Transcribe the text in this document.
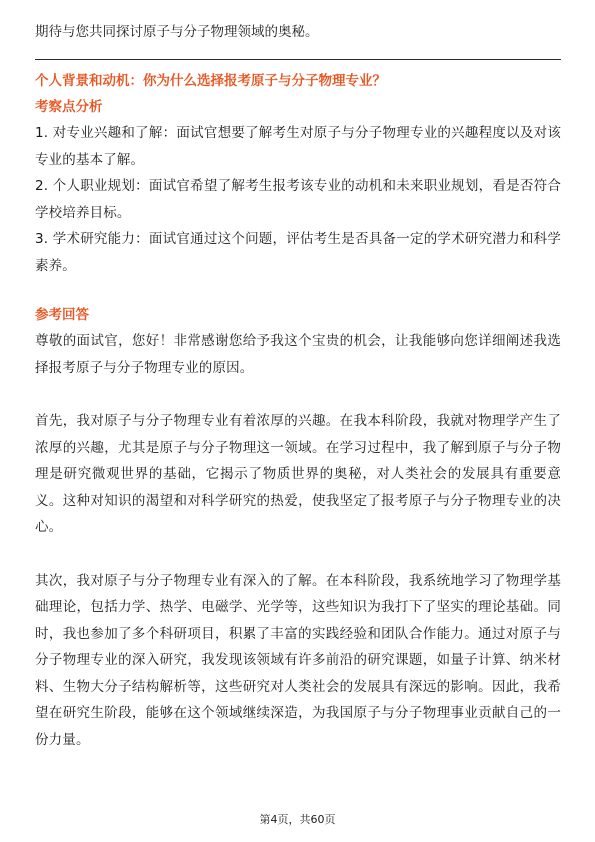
期待与您共同探讨原子与分子物理领域的奥秘。
个人背景和动机：你为什么选择报考原子与分子物理专业？

考察点分析

1. 对专业兴趣和了解：面试官想要了解考生对原子与分子物理专业的兴趣程度以及对该专业的基本了解。

2. 个人职业规划：面试官希望了解考生报考该专业的动机和未来职业规划，看是否符合学校培养目标。

3. 学术研究能力：面试官通过这个问题，评估考生是否具备一定的学术研究潜力和科学素养。

参考回答

尊敬的面试官，您好！非常感谢您给予我这个宝贵的机会，让我能够向您详细阐述我选择报考原子与分子物理专业的原因。

首先，我对原子与分子物理专业有着浓厚的兴趣。在我本科阶段，我就对物理学产生了浓厚的兴趣，尤其是原子与分子物理这一领域。在学习过程中，我了解到原子与分子物理是研究微观世界的基础，它揭示了物质世界的奥秘，对人类社会的发展具有重要意义。这种对知识的渴望和对科学研究的热爱，使我坚定了报考原子与分子物理专业的决心。

其次，我对原子与分子物理专业有深入的了解。在本科阶段，我系统地学习了物理学基础理论，包括力学、热学、电磁学、光学等，这些知识为我打下了坚实的理论基础。同时，我也参加了多个科研项目，积累了丰富的实践经验和团队合作能力。通过对原子与分子物理专业的深入研究，我发现该领域有许多前沿的研究课题，如量子计算、纳米材料、生物大分子结构解析等，这些研究对人类社会的发展具有深远的影响。因此，我希望在研究生阶段，能够在这个领域继续深造，为我国原子与分子物理事业贡献自己的一份力量。

第4页，共60页
